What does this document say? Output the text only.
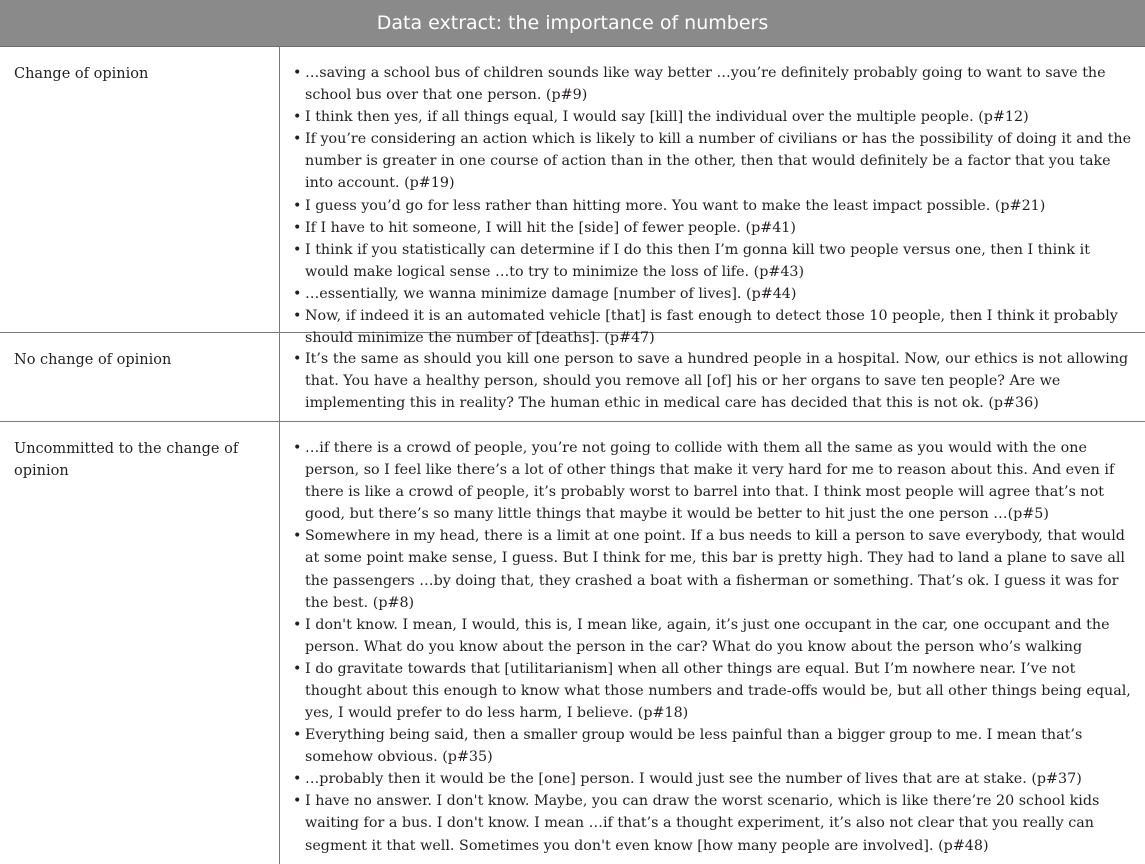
Data extract: the importance of numbers
Change of opinion	• …saving a school bus of children sounds like way better …you’re definitely probably going to want to save the school bus over that one person. (p#9)
• I think then yes, if all things equal, I would say [kill] the individual over the multiple people. (p#12)
• If you’re considering an action which is likely to kill a number of civilians or has the possibility of doing it and the number is greater in one course of action than in the other, then that would definitely be a factor that you take into account. (p#19)
• I guess you’d go for less rather than hitting more. You want to make the least impact possible. (p#21)
• If I have to hit someone, I will hit the [side] of fewer people. (p#41)
• I think if you statistically can determine if I do this then I’m gonna kill two people versus one, then I think it would make logical sense …to try to minimize the loss of life. (p#43)
• …essentially, we wanna minimize damage [number of lives]. (p#44)
• Now, if indeed it is an automated vehicle [that] is fast enough to detect those 10 people, then I think it probably should minimize the number of [deaths]. (p#47)
No change of opinion	• It’s the same as should you kill one person to save a hundred people in a hospital. Now, our ethics is not allowing that. You have a healthy person, should you remove all [of] his or her organs to save ten people? Are we implementing this in reality? The human ethic in medical care has decided that this is not ok. (p#36)
Uncommitted to the change of opinion
• …if there is a crowd of people, you’re not going to collide with them all the same as you would with the one person, so I feel like there’s a lot of other things that make it very hard for me to reason about this. And even if there is like a crowd of people, it’s probably worst to barrel into that. I think most people will agree that’s not good, but there’s so many little things that maybe it would be better to hit just the one person …(p#5)
• Somewhere in my head, there is a limit at one point. If a bus needs to kill a person to save everybody, that would at some point make sense, I guess. But I think for me, this bar is pretty high. They had to land a plane to save all the passengers …by doing that, they crashed a boat with a fisherman or something. That’s ok. I guess it was for the best. (p#8)
• I don't know. I mean, I would, this is, I mean like, again, it’s just one occupant in the car, one occupant and the person. What do you know about the person in the car? What do you know about the person who’s walking
• I do gravitate towards that [utilitarianism] when all other things are equal. But I’m nowhere near. I’ve not thought about this enough to know what those numbers and trade-offs would be, but all other things being equal, yes, I would prefer to do less harm, I believe. (p#18)
• Everything being said, then a smaller group would be less painful than a bigger group to me. I mean that’s somehow obvious. (p#35)
• …probably then it would be the [one] person. I would just see the number of lives that are at stake. (p#37)
• I have no answer. I don't know. Maybe, you can draw the worst scenario, which is like there’re 20 school kids waiting for a bus. I don't know. I mean …if that’s a thought experiment, it’s also not clear that you really can segment it that well. Sometimes you don't even know [how many people are involved]. (p#48)
